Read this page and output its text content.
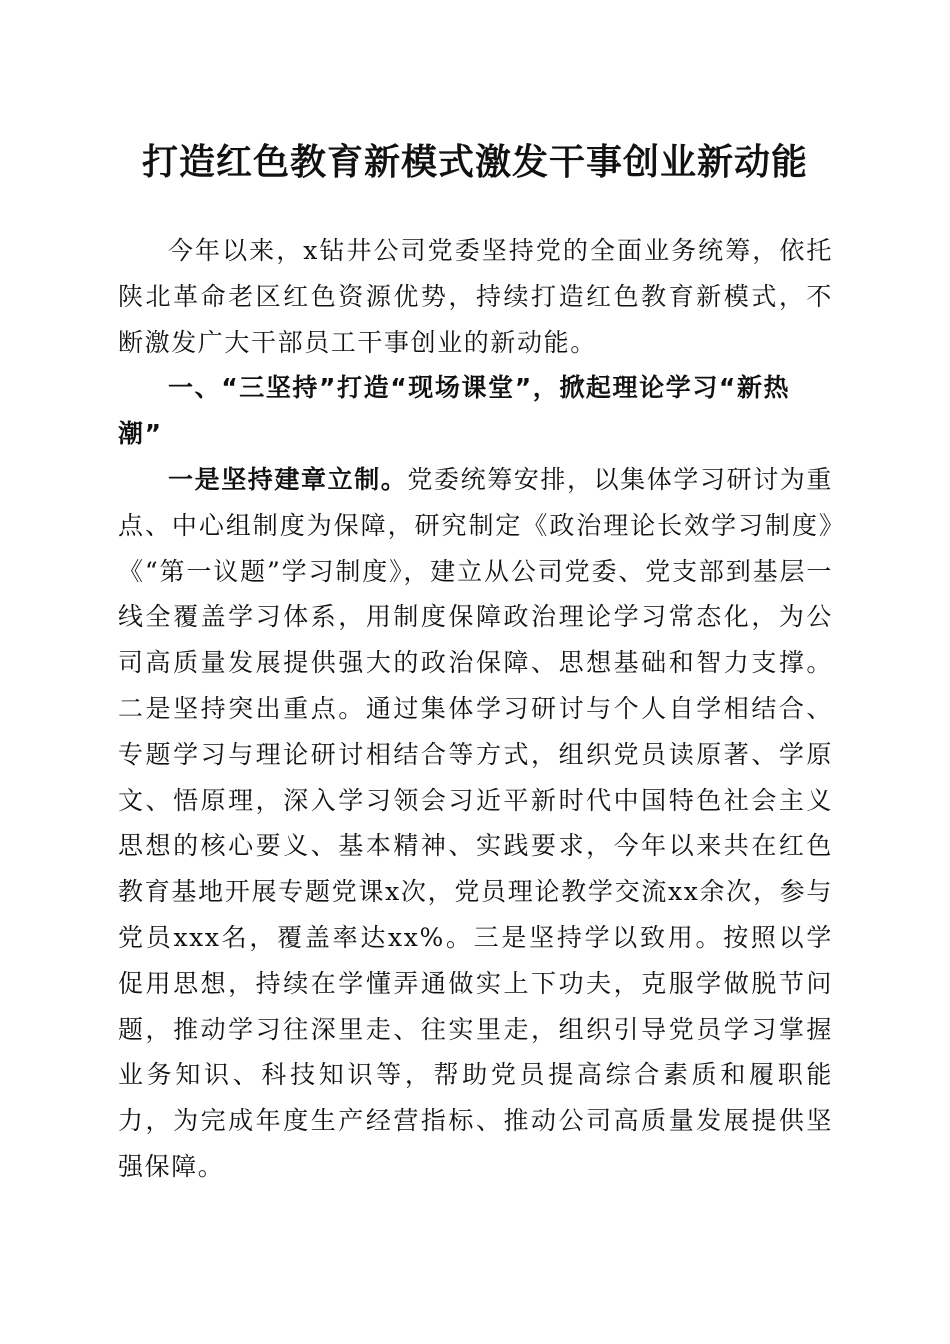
打造红色教育新模式激发干事创业新动能

今年以来，x钻井公司党委坚持党的全面业务统筹，依托陕北革命老区红色资源优势，持续打造红色教育新模式，不断激发广大干部员工干事创业的新动能。

一、“三坚持”打造“现场课堂”，掀起理论学习“新热潮”

一是坚持建章立制。党委统筹安排，以集体学习研讨为重点、中心组制度为保障，研究制定《政治理论长效学习制度》《“第一议题”学习制度》，建立从公司党委、党支部到基层一线全覆盖学习体系，用制度保障政治理论学习常态化，为公司高质量发展提供强大的政治保障、思想基础和智力支撑。二是坚持突出重点。通过集体学习研讨与个人自学相结合、专题学习与理论研讨相结合等方式，组织党员读原著、学原文、悟原理，深入学习领会习近平新时代中国特色社会主义思想的核心要义、基本精神、实践要求，今年以来共在红色教育基地开展专题党课x次，党员理论教学交流xx余次，参与党员xxx名，覆盖率达xx%。三是坚持学以致用。按照以学促用思想，持续在学懂弄通做实上下功夫，克服学做脱节问题，推动学习往深里走、往实里走，组织引导党员学习掌握业务知识、科技知识等，帮助党员提高综合素质和履职能力，为完成年度生产经营指标、推动公司高质量发展提供坚强保障。
